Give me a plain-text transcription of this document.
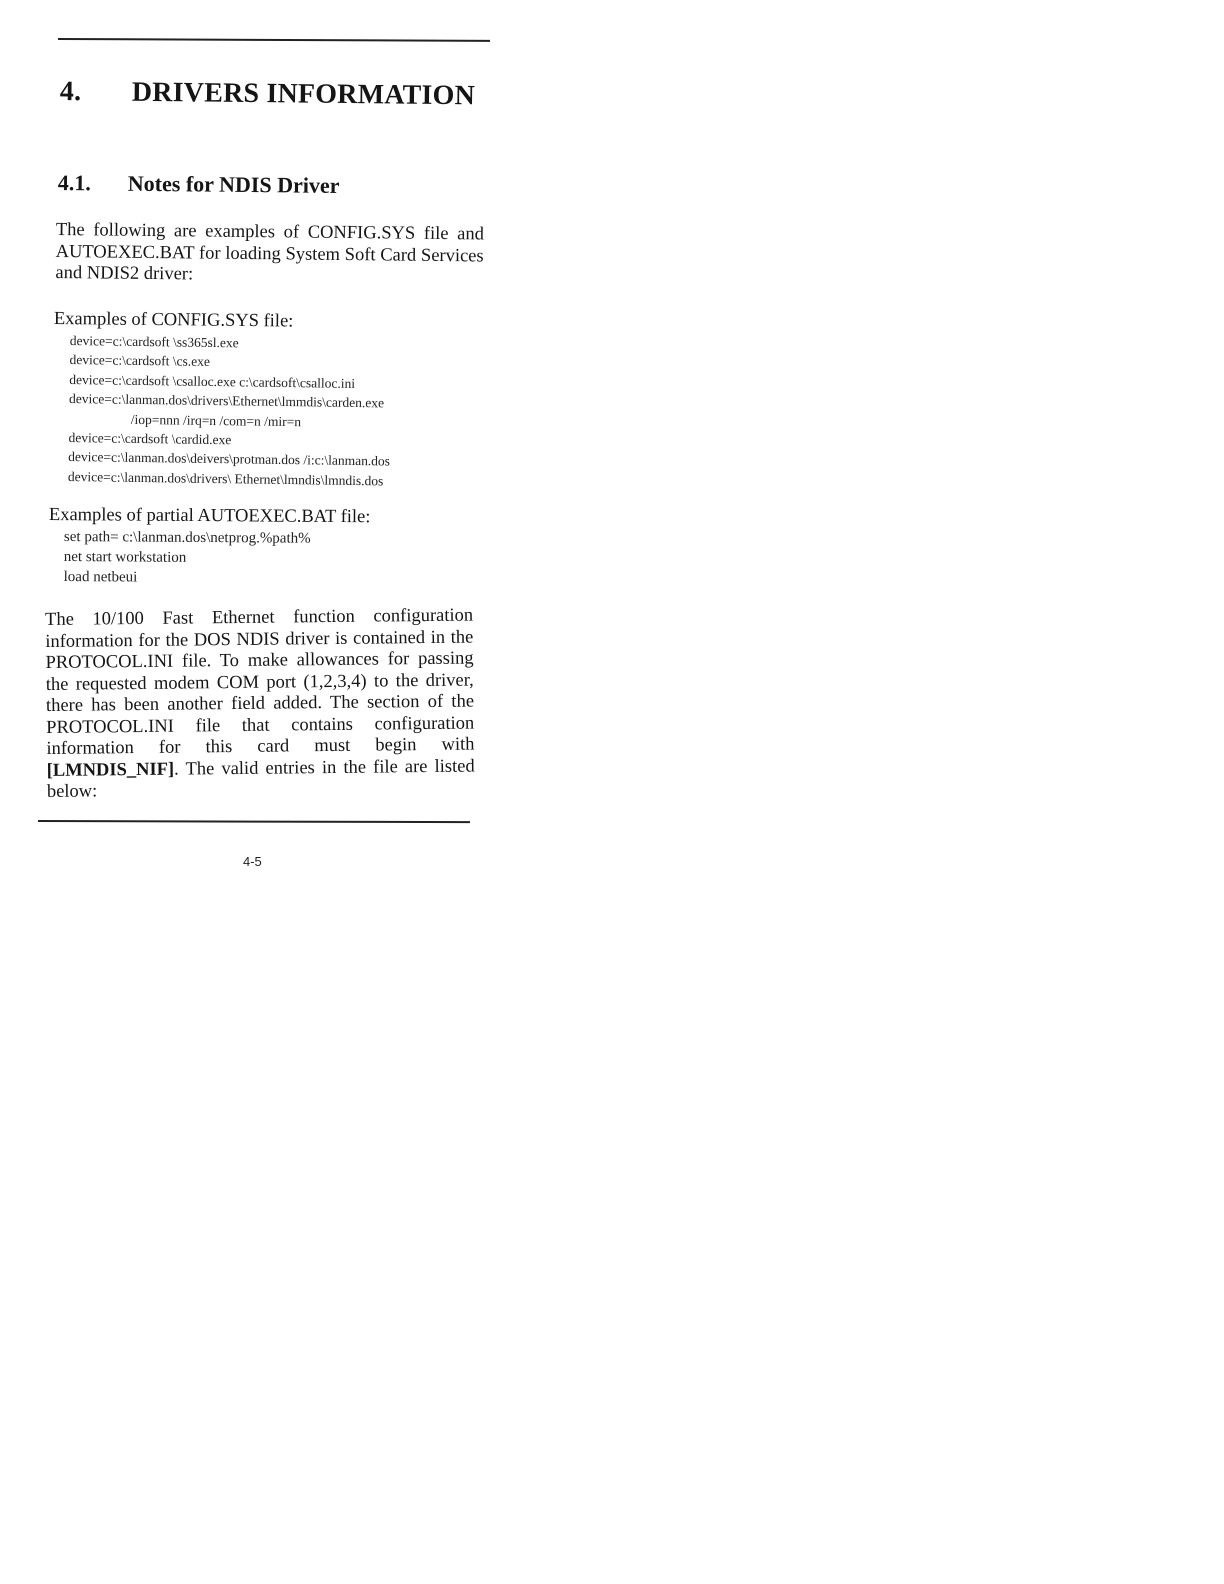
4. DRIVERS INFORMATION
4.1. Notes for NDIS Driver
The following are examples of CONFIG.SYS file and AUTOEXEC.BAT for loading System Soft Card Services and NDIS2 driver:
Examples of CONFIG.SYS file:
device=c:\cardsoft \ss365sl.exe
device=c:\cardsoft \cs.exe
device=c:\cardsoft \csalloc.exe c:\cardsoft\csalloc.ini
device=c:\lanman.dos\drivers\Ethernet\lmmdis\carden.exe
/iop=nnn /irq=n /com=n /mir=n
device=c:\cardsoft \cardid.exe
device=c:\lanman.dos\deivers\protman.dos /i:c:\lanman.dos
device=c:\lanman.dos\drivers\ Ethernet\lmndis\lmndis.dos
Examples of partial AUTOEXEC.BAT file:
set path= c:\lanman.dos\netprog.%path%
net start workstation
load netbeui
The 10/100 Fast Ethernet function configuration information for the DOS NDIS driver is contained in the PROTOCOL.INI file. To make allowances for passing the requested modem COM port (1,2,3,4) to the driver, there has been another field added. The section of the PROTOCOL.INI file that contains configuration information for this card must begin with [LMNDIS_NIF]. The valid entries in the file are listed below:
4-5
